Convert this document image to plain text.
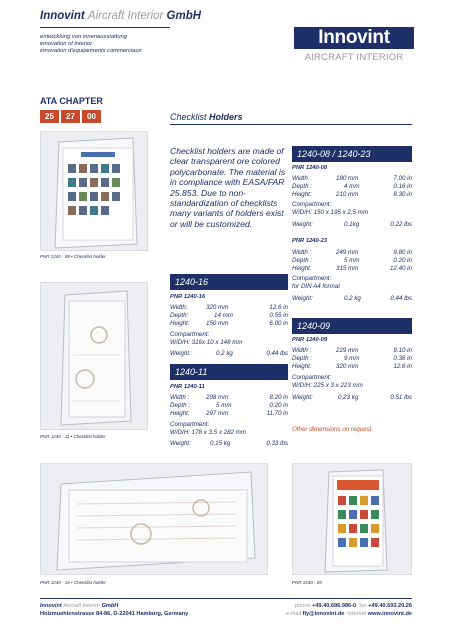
Innovint Aircraft Interior GmbH
entwicklung von innenausstattung
innovation of interior
innovation d'equipements commerciaux
Innovint
AIRCRAFT INTERIOR
ATA CHAPTER
25	27	00	Checklist Holders
PNR 1240 - 08 • Checklist holder
PNR 1240 - 11 • Checklist holder
PNR 1240 - 16 • Checklist holder	PNR 1240 - 09
Checklist holders are made of clear transparent ore colored polycarbonate. The material is in compliance with EASA/FAR 25.853. Due to non-standardization of checklists many variants of holders exist or will be customized.
1240-16
PNR 1240-16
Width:	320 mm	12.6 in
Depth:	14 mm	0.55 in
Height:	150 mm	6.00 in
Compartment:
W/D/H: 316x 10 x 148 mm
Weight:	0,2 kg	0.44 lbs
1240-11
PNR 1240-11
Width :	208 mm	8.20 in
Depth :	5 mm	0.20 in
Height:	297 mm	11.70 in
Compartment:
W/D/H: 178 x 3.5 x 282 mm
Weight:	0,15 kg	0.33 lbs
1240-08 / 1240-23
PNR 1240-08
Width :	180 mm	7.00 in
Depth :	4 mm	0.16 in
Height:	210 mm	8.30 in
Compartment:
W/D/H: 150 x 195 x 2,5 mm
Weight:	0,1kg	0.22 lbs
PNR 1240-23
Width :	249 mm	9.80 in
Depth :	5 mm	0.20 in
Height:	315 mm	12.40 in
Compartment:
for DIN A4 format
Weight:	0,2 kg	0.44 lbs
1240-09
PNR 1240-09
Width :	229 mm	9.10 in
Depth :	9 mm	0.36 in
Height:	320 mm	12.6 in
Compartment:
W/D/H: 225 x 3 x 223 mm
Weight:	0,23 kg	0.51 lbs
Other dimensions on request
Innovint Aircraft Interior GmbH
Holzmuehlenstrasse 84-86, D-22041 Hamburg, Germany
phone +49.40.696.986-0 fax +49.40.693.20.26
e-mail fly@innovint.de internet www.innovint.de
